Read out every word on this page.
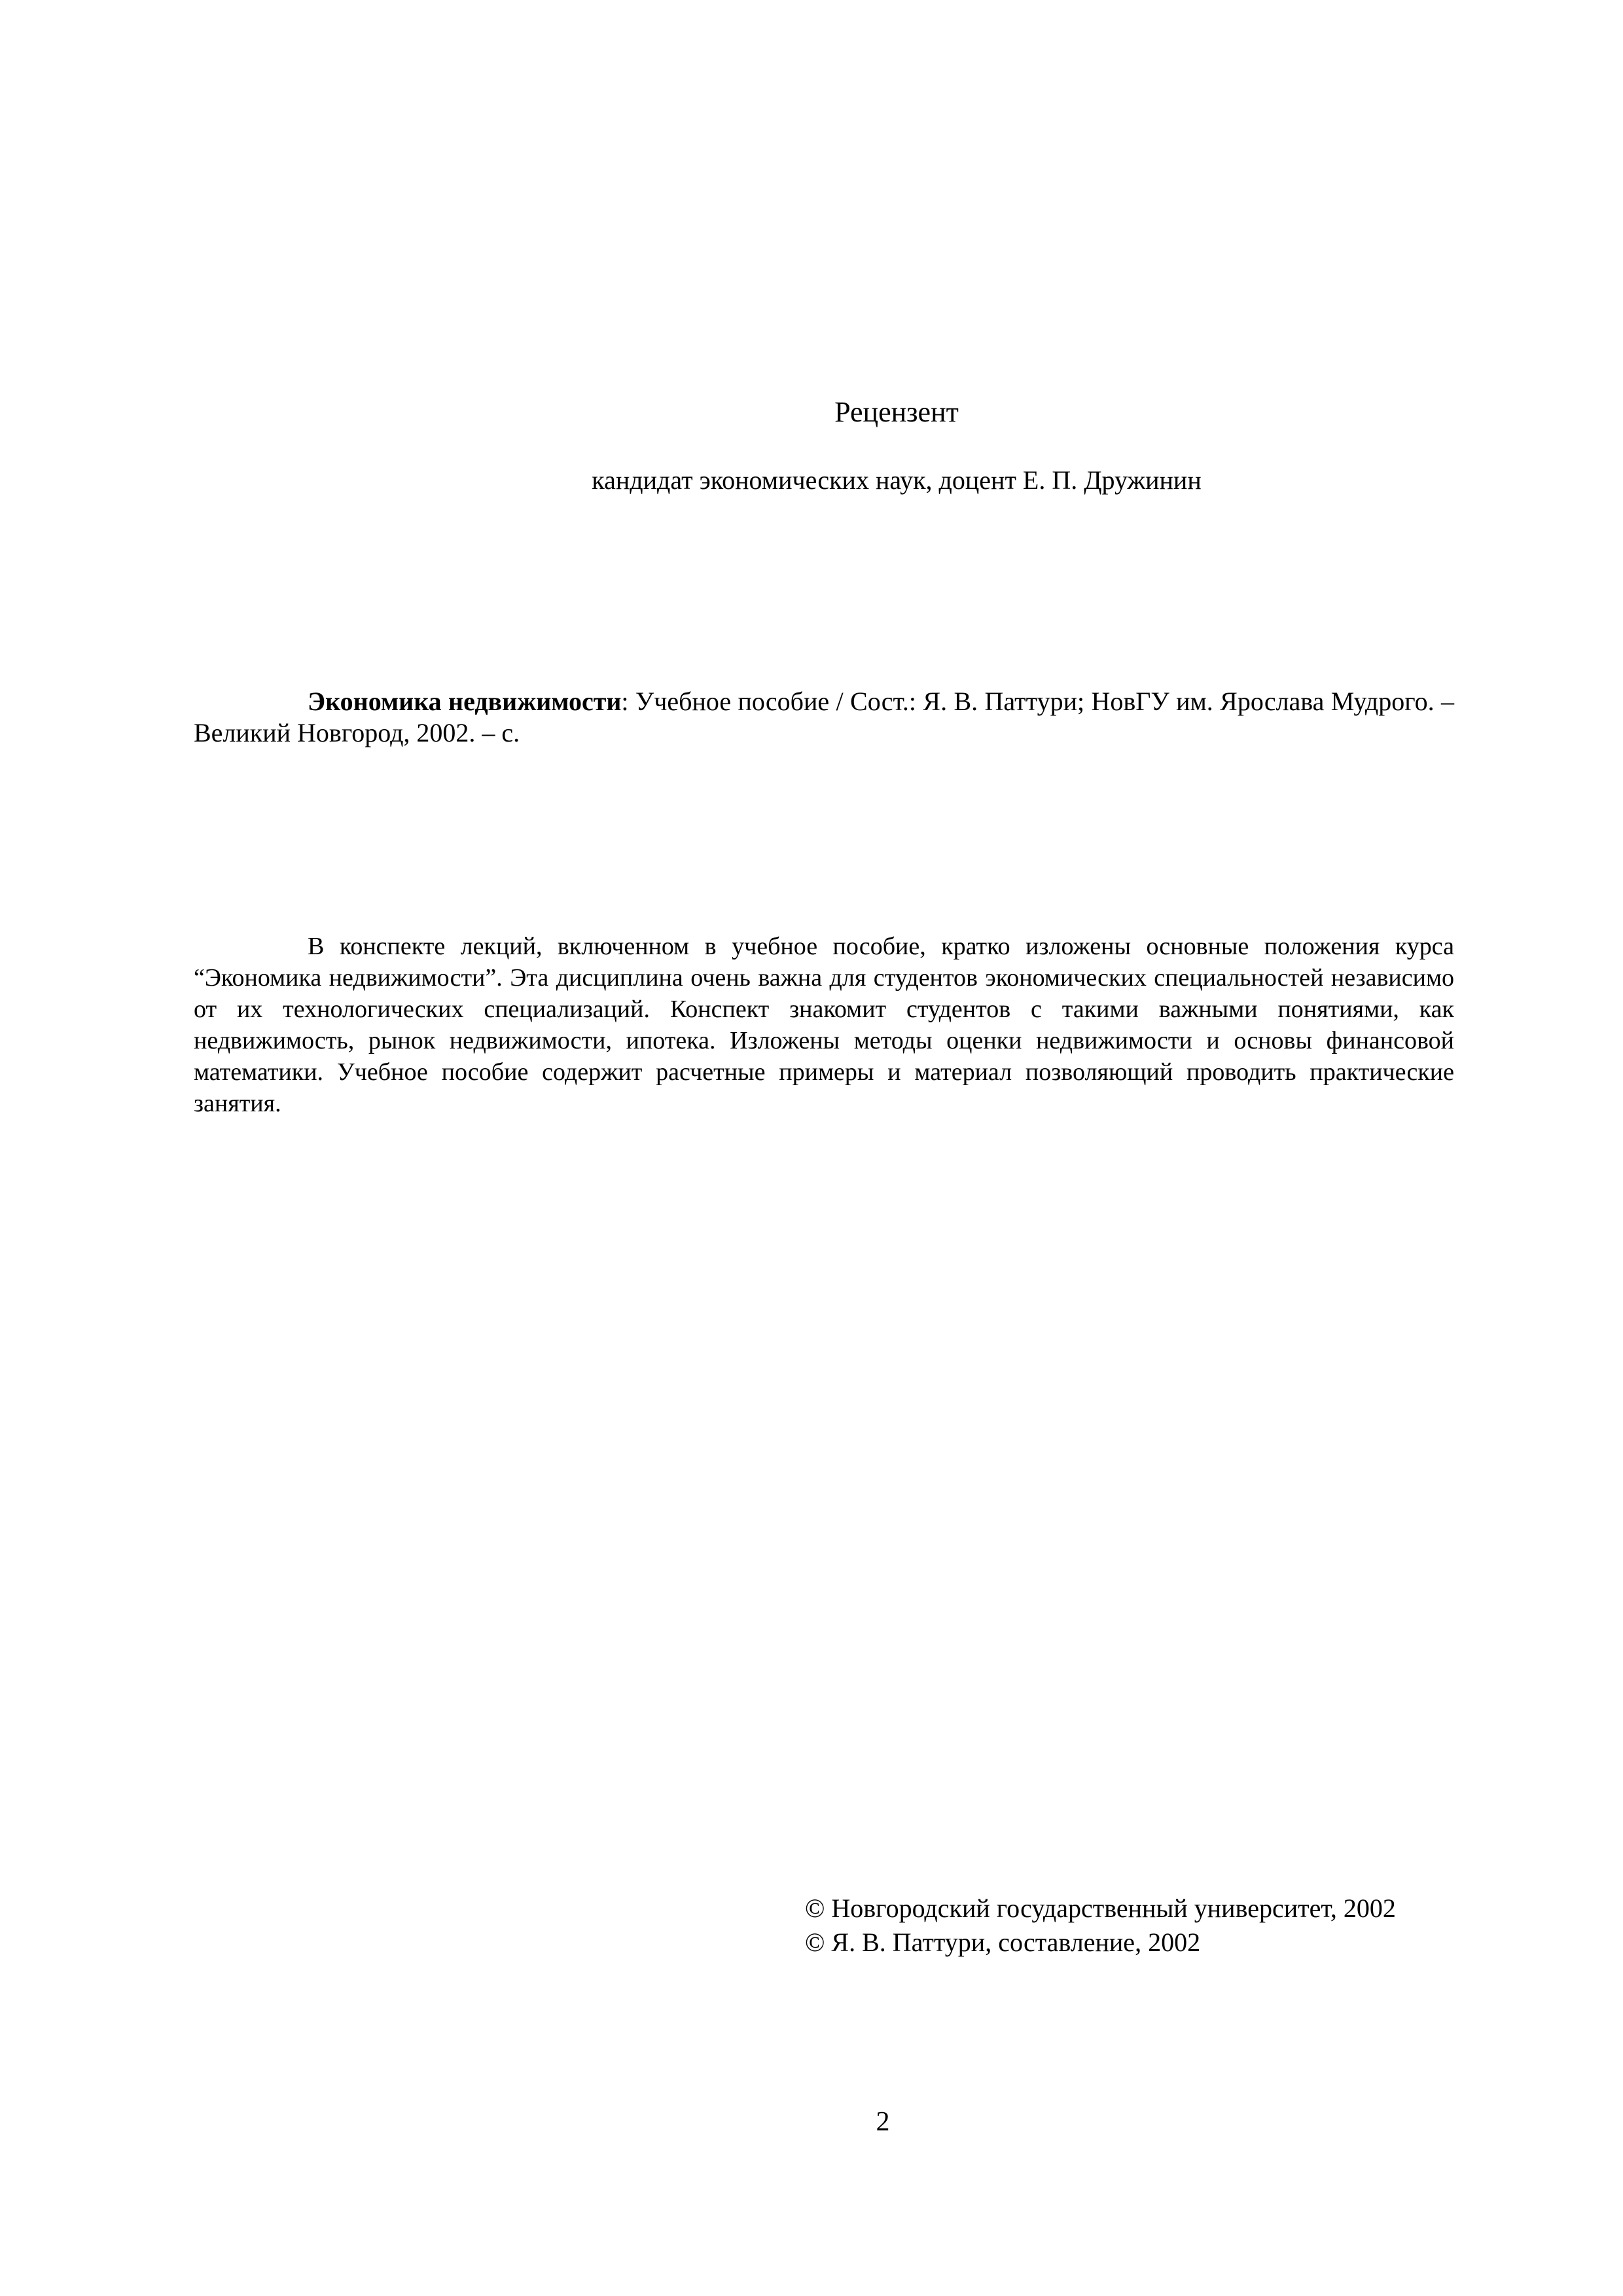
Рецензент
кандидат экономических наук, доцент Е. П. Дружинин

Экономика недвижимости: Учебное пособие / Сост.: Я. В. Паттури; НовГУ им. Ярослава Мудрого. – Великий Новгород, 2002. – с.

В конспекте лекций, включенном в учебное пособие, кратко изложены основные положения курса “Экономика недвижимости”. Эта дисциплина очень важна для студентов экономических специальностей независимо от их технологических специализаций. Конспект знакомит студентов с такими важными понятиями, как недвижимость, рынок недвижимости, ипотека. Изложены методы оценки недвижимости и основы финансовой математики. Учебное пособие содержит расчетные примеры и материал позволяющий проводить практические занятия.

© Новгородский государственный университет, 2002
© Я. В. Паттури, составление, 2002
2
